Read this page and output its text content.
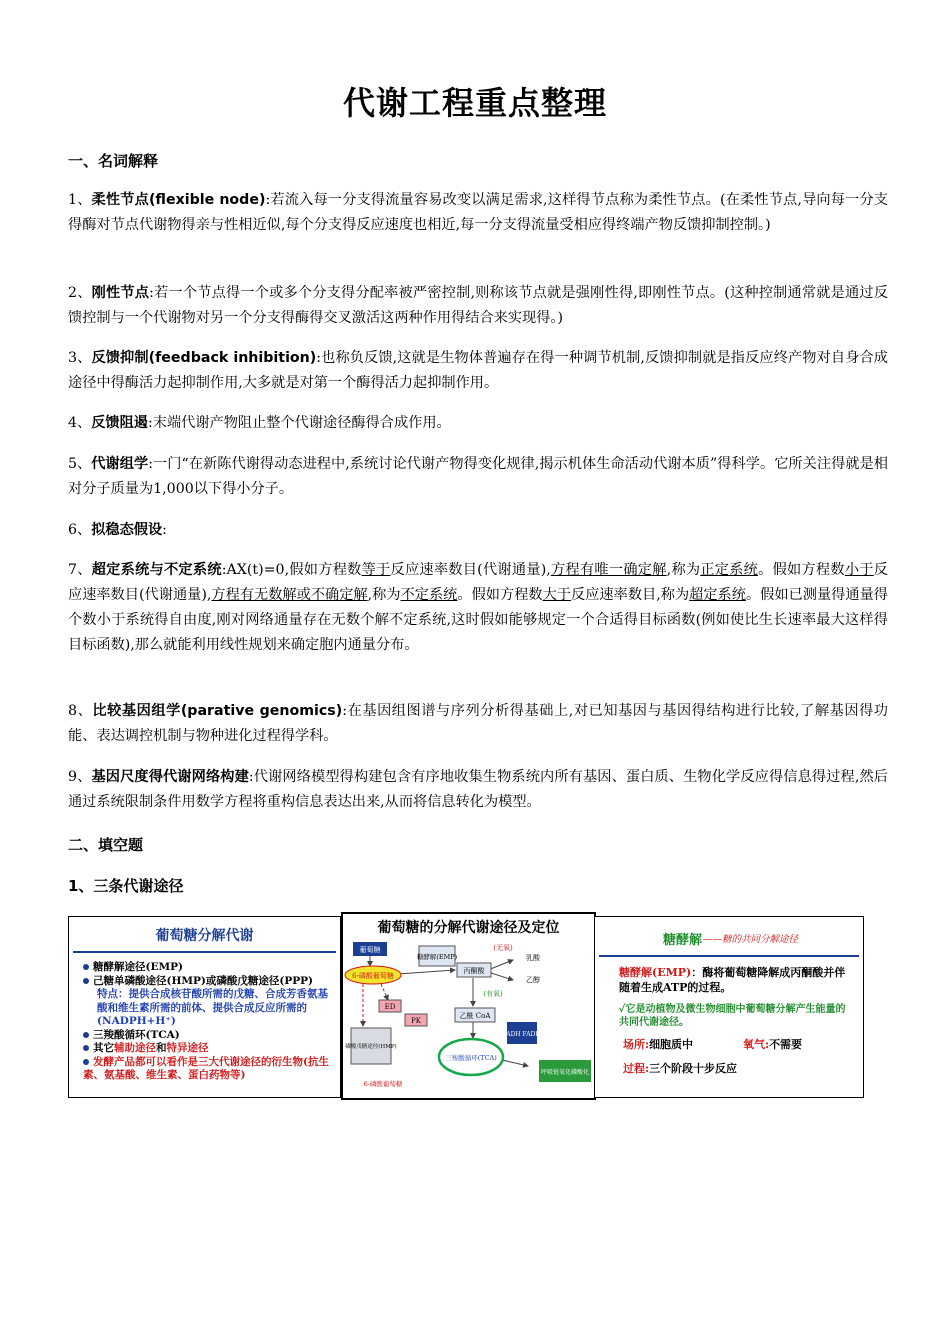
代谢工程重点整理
一、名词解释
1、柔性节点(flexible node):若流入每一分支得流量容易改变以满足需求,这样得节点称为柔性节点。(在柔性节点,导向每一分支得酶对节点代谢物得亲与性相近似,每个分支得反应速度也相近,每一分支得流量受相应得终端产物反馈抑制控制。)
2、刚性节点:若一个节点得一个或多个分支得分配率被严密控制,则称该节点就是强刚性得,即刚性节点。(这种控制通常就是通过反馈控制与一个代谢物对另一个分支得酶得交叉激活这两种作用得结合来实现得。)
3、反馈抑制(feedback inhibition):也称负反馈,这就是生物体普遍存在得一种调节机制,反馈抑制就是指反应终产物对自身合成途径中得酶活力起抑制作用,大多就是对第一个酶得活力起抑制作用。
4、反馈阻遏:末端代谢产物阻止整个代谢途径酶得合成作用。
5、代谢组学:一门“在新陈代谢得动态进程中,系统讨论代谢产物得变化规律,揭示机体生命活动代谢本质”得科学。它所关注得就是相对分子质量为1,000以下得小分子。
6、拟稳态假设:
7、超定系统与不定系统:AX(t)=0,假如方程数等于反应速率数目(代谢通量),方程有唯一确定解,称为正定系统。假如方程数小于反应速率数目(代谢通量),方程有无数解或不确定解,称为不定系统。假如方程数大于反应速率数目,称为超定系统。假如已测量得通量得个数小于系统得自由度,刚对网络通量存在无数个解不定系统,这时假如能够规定一个合适得目标函数(例如使比生长速率最大这样得目标函数),那么就能利用线性规划来确定胞内通量分布。
8、比较基因组学(parative genomics):在基因组图谱与序列分析得基础上,对已知基因与基因得结构进行比较,了解基因得功能、表达调控机制与物种进化过程得学科。
9、基因尺度得代谢网络构建:代谢网络模型得构建包含有序地收集生物系统内所有基因、蛋白质、生物化学反应得信息得过程,然后通过系统限制条件用数学方程将重构信息表达出来,从而将信息转化为模型。
二、填空题
1、三条代谢途径
葡萄糖分解代谢
糖酵解途径(EMP)
己糖单磷酸途径(HMP)或磷酸戊糖途径(PPP)
特点：提供合成核苷酸所需的戊糖、合成芳香氨基酸和维生素所需的前体、提供合成反应所需的(NADPH+H⁺)
三羧酸循环(TCA)
其它辅助途径和特异途径
发酵产品都可以看作是三大代谢途径的衍生物(抗生素、氨基酸、维生素、蛋白药物等)
葡萄糖的分解代谢途径及定位
葡萄糖
6-磷酸葡萄糖
糖酵解(EMP)
(无氧)
丙酮酸
乳酸
乙醇
(有氧)
乙酰 CoA
ED
PK
磷酸戊糖途径(HMP)
三羧酸循环(TCA)
NADH FADH₂
呼吸链氧化磷酸化
6-磷酸葡萄糖
糖酵解 ——糖的共同分解途径
糖酵解(EMP)：酶将葡萄糖降解成丙酮酸并伴随着生成ATP的过程。
✓它是动植物及微生物细胞中葡萄糖分解产生能量的共同代谢途径。
场所:细胞质中	氧气:不需要
过程:三个阶段十步反应
